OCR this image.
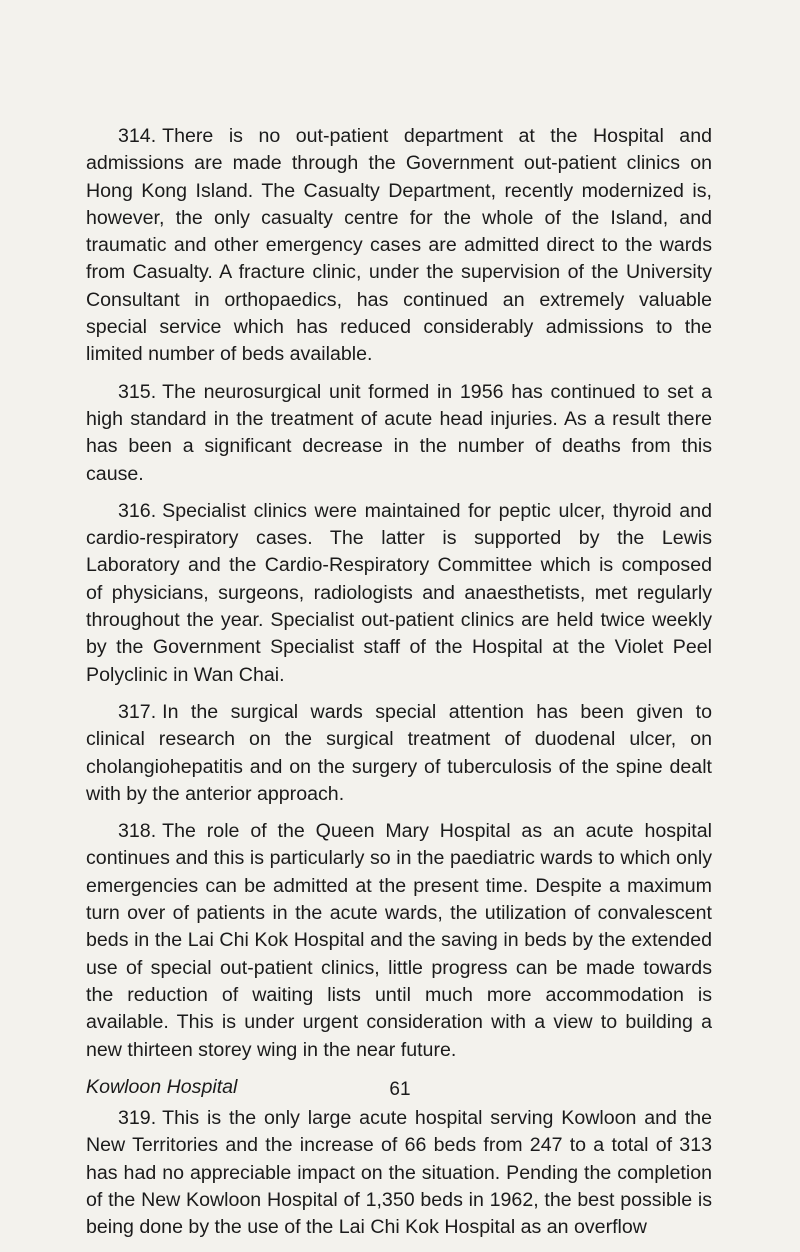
314. There is no out-patient department at the Hospital and admissions are made through the Government out-patient clinics on Hong Kong Island. The Casualty Department, recently modernized is, however, the only casualty centre for the whole of the Island, and traumatic and other emergency cases are admitted direct to the wards from Casualty. A fracture clinic, under the supervision of the University Consultant in orthopaedics, has continued an extremely valuable special service which has reduced considerably admissions to the limited number of beds available.

315. The neurosurgical unit formed in 1956 has continued to set a high standard in the treatment of acute head injuries. As a result there has been a significant decrease in the number of deaths from this cause.

316. Specialist clinics were maintained for peptic ulcer, thyroid and cardio-respiratory cases. The latter is supported by the Lewis Laboratory and the Cardio-Respiratory Committee which is composed of physicians, surgeons, radiologists and anaesthetists, met regularly throughout the year. Specialist out-patient clinics are held twice weekly by the Government Specialist staff of the Hospital at the Violet Peel Polyclinic in Wan Chai.

317. In the surgical wards special attention has been given to clinical research on the surgical treatment of duodenal ulcer, on cholangiohepatitis and on the surgery of tuberculosis of the spine dealt with by the anterior approach.

318. The role of the Queen Mary Hospital as an acute hospital continues and this is particularly so in the paediatric wards to which only emergencies can be admitted at the present time. Despite a maximum turn over of patients in the acute wards, the utilization of convalescent beds in the Lai Chi Kok Hospital and the saving in beds by the extended use of special out-patient clinics, little progress can be made towards the reduction of waiting lists until much more accommodation is available. This is under urgent consideration with a view to building a new thirteen storey wing in the near future.

Kowloon Hospital

319. This is the only large acute hospital serving Kowloon and the New Territories and the increase of 66 beds from 247 to a total of 313 has had no appreciable impact on the situation. Pending the completion of the New Kowloon Hospital of 1,350 beds in 1962, the best possible is being done by the use of the Lai Chi Kok Hospital as an overflow

61
